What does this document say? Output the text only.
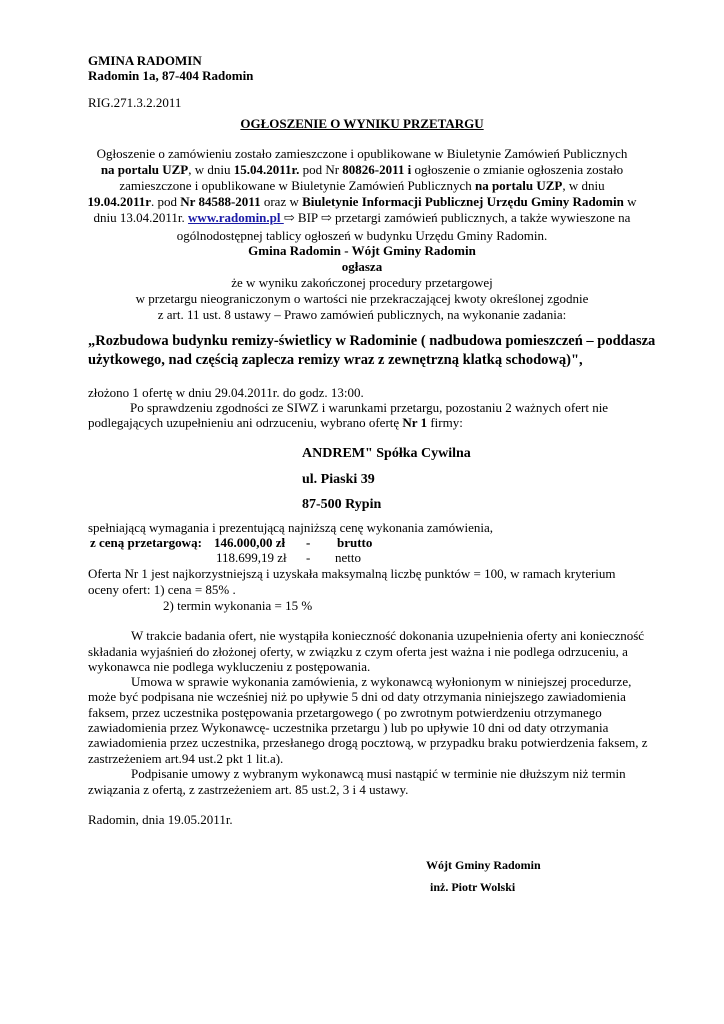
GMINA RADOMIN
Radomin 1a, 87-404 Radomin
RIG.271.3.2.2011
OGŁOSZENIE O WYNIKU PRZETARGU
Ogłoszenie o zamówieniu zostało zamieszczone i opublikowane w Biuletynie Zamówień Publicznych
na portalu UZP, w dniu 15.04.2011r. pod Nr 80826-2011 i ogłoszenie o zmianie ogłoszenia zostało
zamieszczone i opublikowane w Biuletynie Zamówień Publicznych na portalu UZP, w dniu
19.04.2011r. pod Nr 84588-2011 oraz w Biuletynie Informacji Publicznej Urzędu Gminy Radomin w
dniu 13.04.2011r. www.radomin.pl ⇨ BIP ⇨ przetargi zamówień publicznych, a także wywieszone na
ogólnodostępnej tablicy ogłoszeń w budynku Urzędu Gminy Radomin.
Gmina Radomin - Wójt Gminy Radomin
ogłasza
że w wyniku zakończonej procedury przetargowej
w przetargu nieograniczonym o wartości nie przekraczającej kwoty określonej zgodnie
z art. 11 ust. 8 ustawy – Prawo zamówień publicznych, na wykonanie zadania:
„Rozbudowa budynku remizy-świetlicy w Radominie ( nadbudowa pomieszczeń – poddasza
użytkowego, nad częścią zaplecza remizy wraz z zewnętrzną klatką schodową)",
złożono 1 ofertę w dniu 29.04.2011r. do godz. 13:00.
Po sprawdzeniu zgodności ze SIWZ i warunkami przetargu, pozostaniu 2 ważnych ofert nie
podlegających uzupełnieniu ani odrzuceniu, wybrano ofertę Nr 1 firmy:
ANDREM" Spółka Cywilna
ul. Piaski 39
87-500 Rypin
spełniającą wymagania i prezentującą najniższą cenę wykonania zamówienia,
z ceną przetargową: 146.000,00 zł - brutto
118.699,19 zł - netto
Oferta Nr 1 jest najkorzystniejszą i uzyskała maksymalną liczbę punktów = 100, w ramach kryterium
oceny ofert: 1) cena = 85% .
2) termin wykonania = 15 %
W trakcie badania ofert, nie wystąpiła konieczność dokonania uzupełnienia oferty ani konieczność
składania wyjaśnień do złożonej oferty, w związku z czym oferta jest ważna i nie podlega odrzuceniu, a
wykonawca nie podlega wykluczeniu z postępowania.
Umowa w sprawie wykonania zamówienia, z wykonawcą wyłonionym w niniejszej procedurze,
może być podpisana nie wcześniej niż po upływie 5 dni od daty otrzymania niniejszego zawiadomienia
faksem, przez uczestnika postępowania przetargowego ( po zwrotnym potwierdzeniu otrzymanego
zawiadomienia przez Wykonawcę- uczestnika przetargu ) lub po upływie 10 dni od daty otrzymania
zawiadomienia przez uczestnika, przesłanego drogą pocztową, w przypadku braku potwierdzenia faksem, z
zastrzeżeniem art.94 ust.2 pkt 1 lit.a).
Podpisanie umowy z wybranym wykonawcą musi nastąpić w terminie nie dłuższym niż termin
związania z ofertą, z zastrzeżeniem art. 85 ust.2, 3 i 4 ustawy.
Radomin, dnia 19.05.2011r.
Wójt Gminy Radomin
inż. Piotr Wolski
